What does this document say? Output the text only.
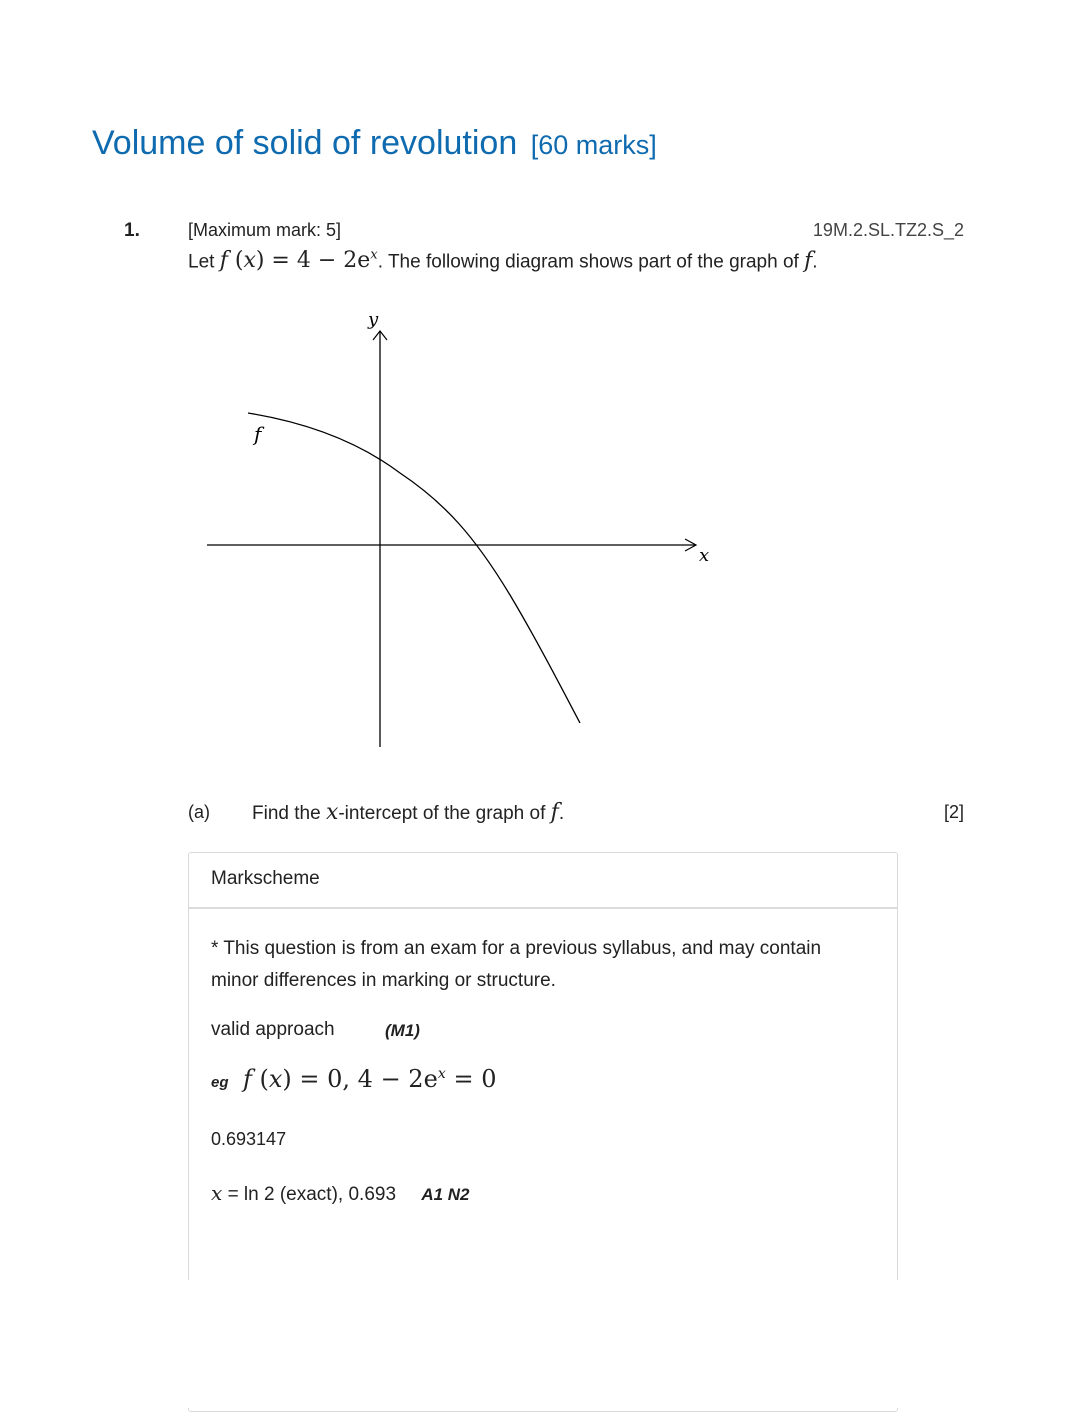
Volume of solid of revolution [60 marks]
1.	[Maximum mark: 5]	19M.2.SL.TZ2.S_2
Let f $(x) = 4 - 2e^x$. The following diagram shows part of the graph of f.
y
x
f
(a) Find the x-intercept of the graph of f.	[2]
Markscheme
* This question is from an exam for a previous syllabus, and may contain minor differences in marking or structure.
valid approach	(M1)
eg f (x) = 0, $4 - 2e^x = 0$
0.693147
x = ln 2 (exact), 0.693 A1 N2
